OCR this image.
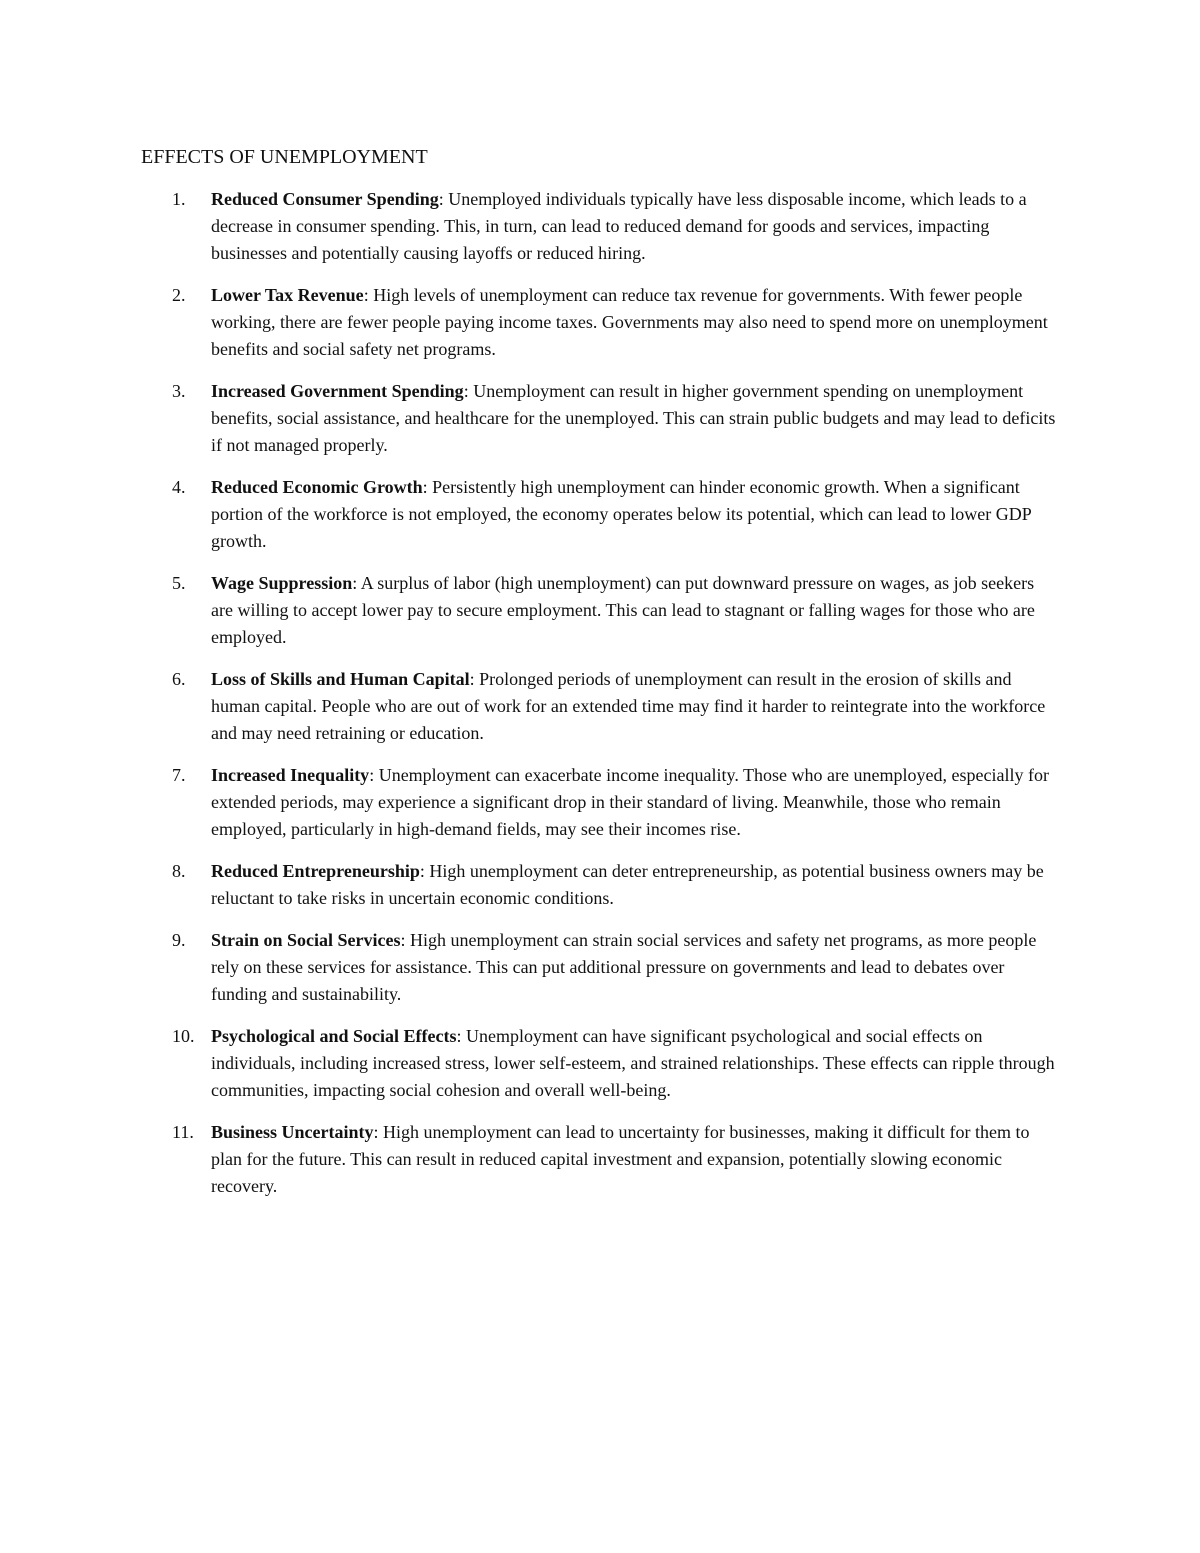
EFFECTS OF UNEMPLOYMENT
1. Reduced Consumer Spending: Unemployed individuals typically have less disposable income, which leads to a decrease in consumer spending. This, in turn, can lead to reduced demand for goods and services, impacting businesses and potentially causing layoffs or reduced hiring.
2. Lower Tax Revenue: High levels of unemployment can reduce tax revenue for governments. With fewer people working, there are fewer people paying income taxes. Governments may also need to spend more on unemployment benefits and social safety net programs.
3. Increased Government Spending: Unemployment can result in higher government spending on unemployment benefits, social assistance, and healthcare for the unemployed. This can strain public budgets and may lead to deficits if not managed properly.
4. Reduced Economic Growth: Persistently high unemployment can hinder economic growth. When a significant portion of the workforce is not employed, the economy operates below its potential, which can lead to lower GDP growth.
5. Wage Suppression: A surplus of labor (high unemployment) can put downward pressure on wages, as job seekers are willing to accept lower pay to secure employment. This can lead to stagnant or falling wages for those who are employed.
6. Loss of Skills and Human Capital: Prolonged periods of unemployment can result in the erosion of skills and human capital. People who are out of work for an extended time may find it harder to reintegrate into the workforce and may need retraining or education.
7. Increased Inequality: Unemployment can exacerbate income inequality. Those who are unemployed, especially for extended periods, may experience a significant drop in their standard of living. Meanwhile, those who remain employed, particularly in high-demand fields, may see their incomes rise.
8. Reduced Entrepreneurship: High unemployment can deter entrepreneurship, as potential business owners may be reluctant to take risks in uncertain economic conditions.
9. Strain on Social Services: High unemployment can strain social services and safety net programs, as more people rely on these services for assistance. This can put additional pressure on governments and lead to debates over funding and sustainability.
10. Psychological and Social Effects: Unemployment can have significant psychological and social effects on individuals, including increased stress, lower self-esteem, and strained relationships. These effects can ripple through communities, impacting social cohesion and overall well-being.
11. Business Uncertainty: High unemployment can lead to uncertainty for businesses, making it difficult for them to plan for the future. This can result in reduced capital investment and expansion, potentially slowing economic recovery.
